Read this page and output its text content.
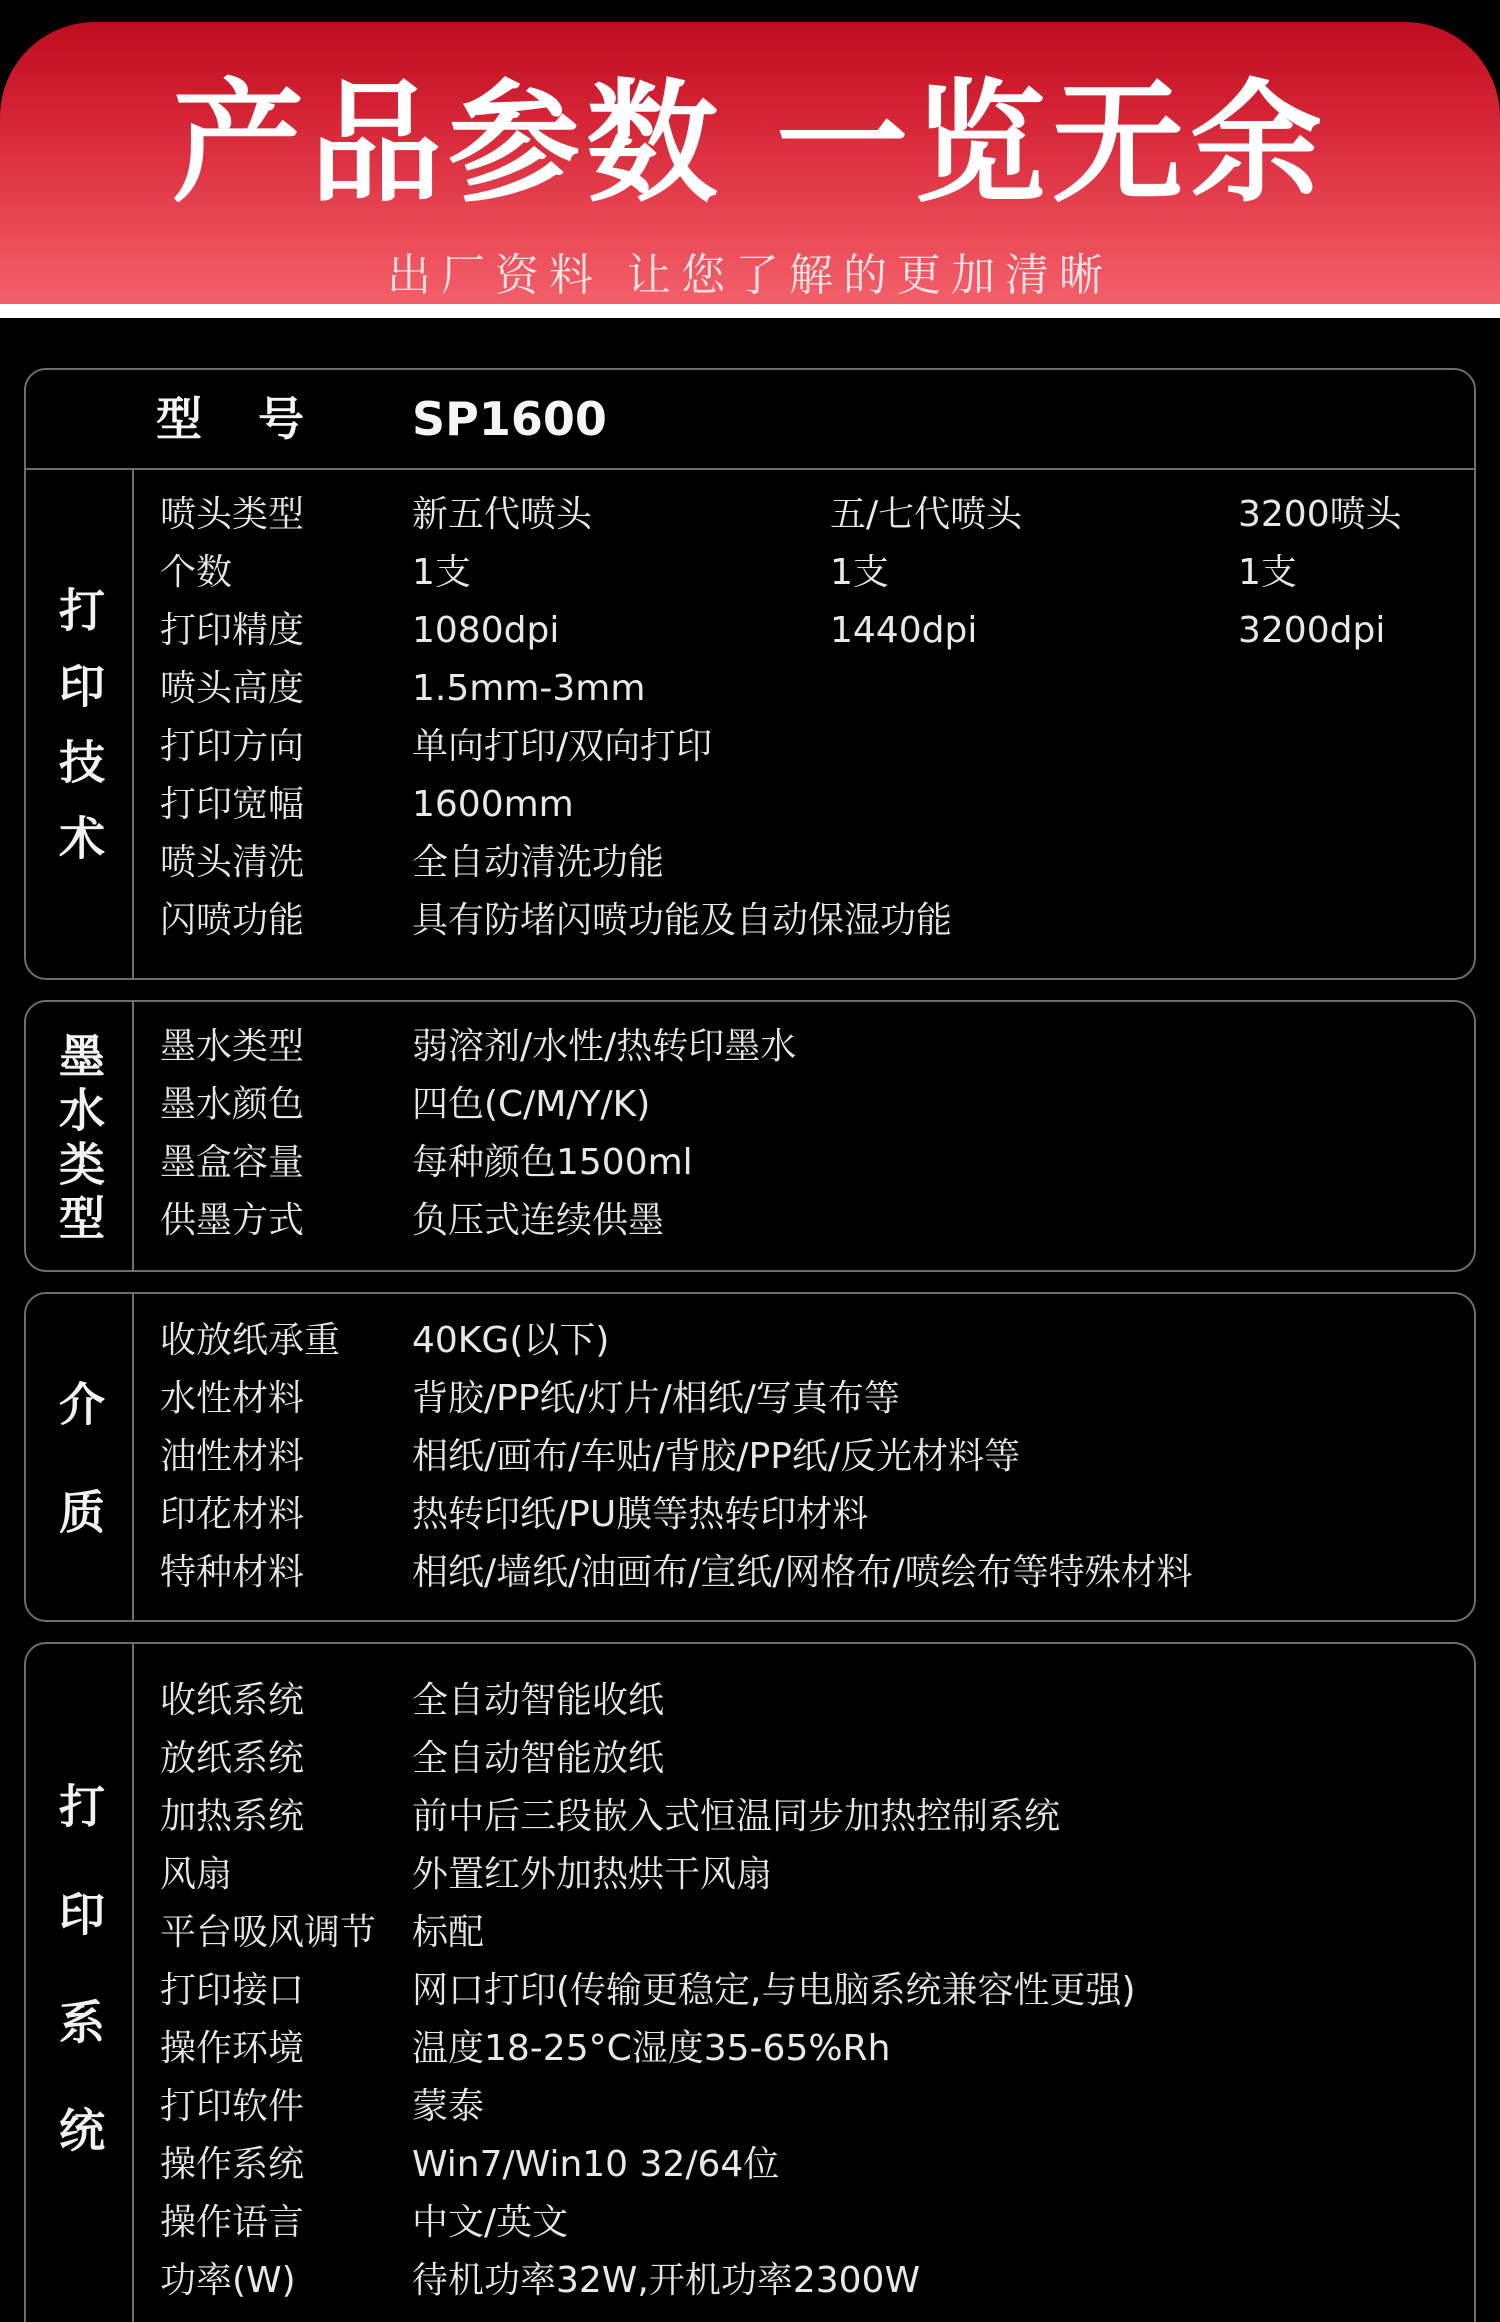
产品参数 一览无余
出厂资料 让您了解的更加清晰
型号 SP1600
打印技术
喷头类型	新五代喷头	五/七代喷头	3200喷头
个数	1支	1支	1支
打印精度	1080dpi	1440dpi	3200dpi
喷头高度	1.5mm-3mm
打印方向	单向打印/双向打印
打印宽幅	1600mm
喷头清洗	全自动清洗功能
闪喷功能	具有防堵闪喷功能及自动保湿功能
墨水类型 墨水类型	弱溶剂/水性/热转印墨水
墨水颜色	四色(C/M/Y/K)
墨盒容量	每种颜色1500ml
供墨方式	负压式连续供墨
介质
收放纸承重 40KG(以下)
水性材料	背胶/PP纸/灯片/相纸/写真布等
油性材料	相纸/画布/车贴/背胶/PP纸/反光材料等
印花材料	热转印纸/PU膜等热转印材料
特种材料	相纸/墙纸/油画布/宣纸/网格布/喷绘布等特殊材料
打印系统
收纸系统	全自动智能收纸
放纸系统	全自动智能放纸
加热系统	前中后三段嵌入式恒温同步加热控制系统
风扇	外置红外加热烘干风扇
平台吸风调节 标配
打印接口	网口打印(传输更稳定,与电脑系统兼容性更强)
操作环境	温度18-25°C湿度35-65%Rh
打印软件	蒙泰
操作系统	Win7/Win10 32/64位
操作语言	中文/英文
功率(W)	待机功率32W,开机功率2300W
